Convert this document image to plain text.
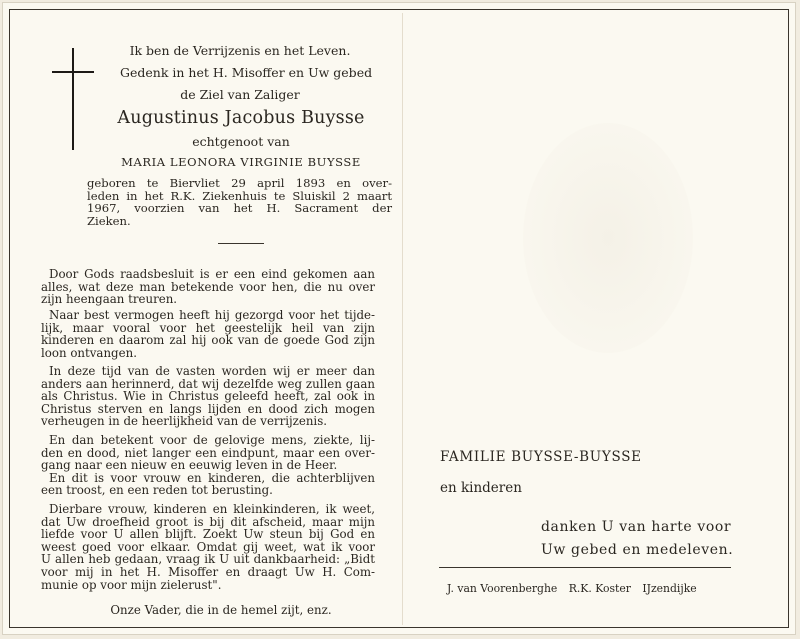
Ik ben de Verrijzenis en het Leven.
Gedenk in het H. Misoffer en Uw gebed
de Ziel van Zaliger
Augustinus Jacobus Buysse
echtgenoot van
MARIA LEONORA VIRGINIE BUYSSE
geboren te Biervliet 29 april 1893 en over-
leden in het R.K. Ziekenhuis te Sluiskil 2 maart
1967, voorzien van het H. Sacrament der
Zieken.
Door Gods raadsbesluit is er een eind gekomen aan
alles, wat deze man betekende voor hen, die nu over
zijn heengaan treuren.
Naar best vermogen heeft hij gezorgd voor het tijde-
lijk, maar vooral voor het geestelijk heil van zijn
kinderen en daarom zal hij ook van de goede God zijn
loon ontvangen.
In deze tijd van de vasten worden wij er meer dan
anders aan herinnerd, dat wij dezelfde weg zullen gaan
als Christus. Wie in Christus geleefd heeft, zal ook in
Christus sterven en langs lijden en dood zich mogen
verheugen in de heerlijkheid van de verrijzenis.
En dan betekent voor de gelovige mens, ziekte, lij-
den en dood, niet langer een eindpunt, maar een over-
gang naar een nieuw en eeuwig leven in de Heer.
En dit is voor vrouw en kinderen, die achterblijven
een troost, en een reden tot berusting.
Dierbare vrouw, kinderen en kleinkinderen, ik weet,
dat Uw droefheid groot is bij dit afscheid, maar mijn
liefde voor U allen blijft. Zoekt Uw steun bij God en
weest goed voor elkaar. Omdat gij weet, wat ik voor
U allen heb gedaan, vraag ik U uit dankbaarheid: „Bidt
voor mij in het H. Misoffer en draagt Uw H. Com-
munie op voor mijn zielerust".
Onze Vader, die in de hemel zijt, enz.
FAMILIE BUYSSE-BUYSSE
en kinderen
danken U van harte voor
Uw gebed en medeleven.
J. van Voorenberghe R.K. Koster IJzendijke
